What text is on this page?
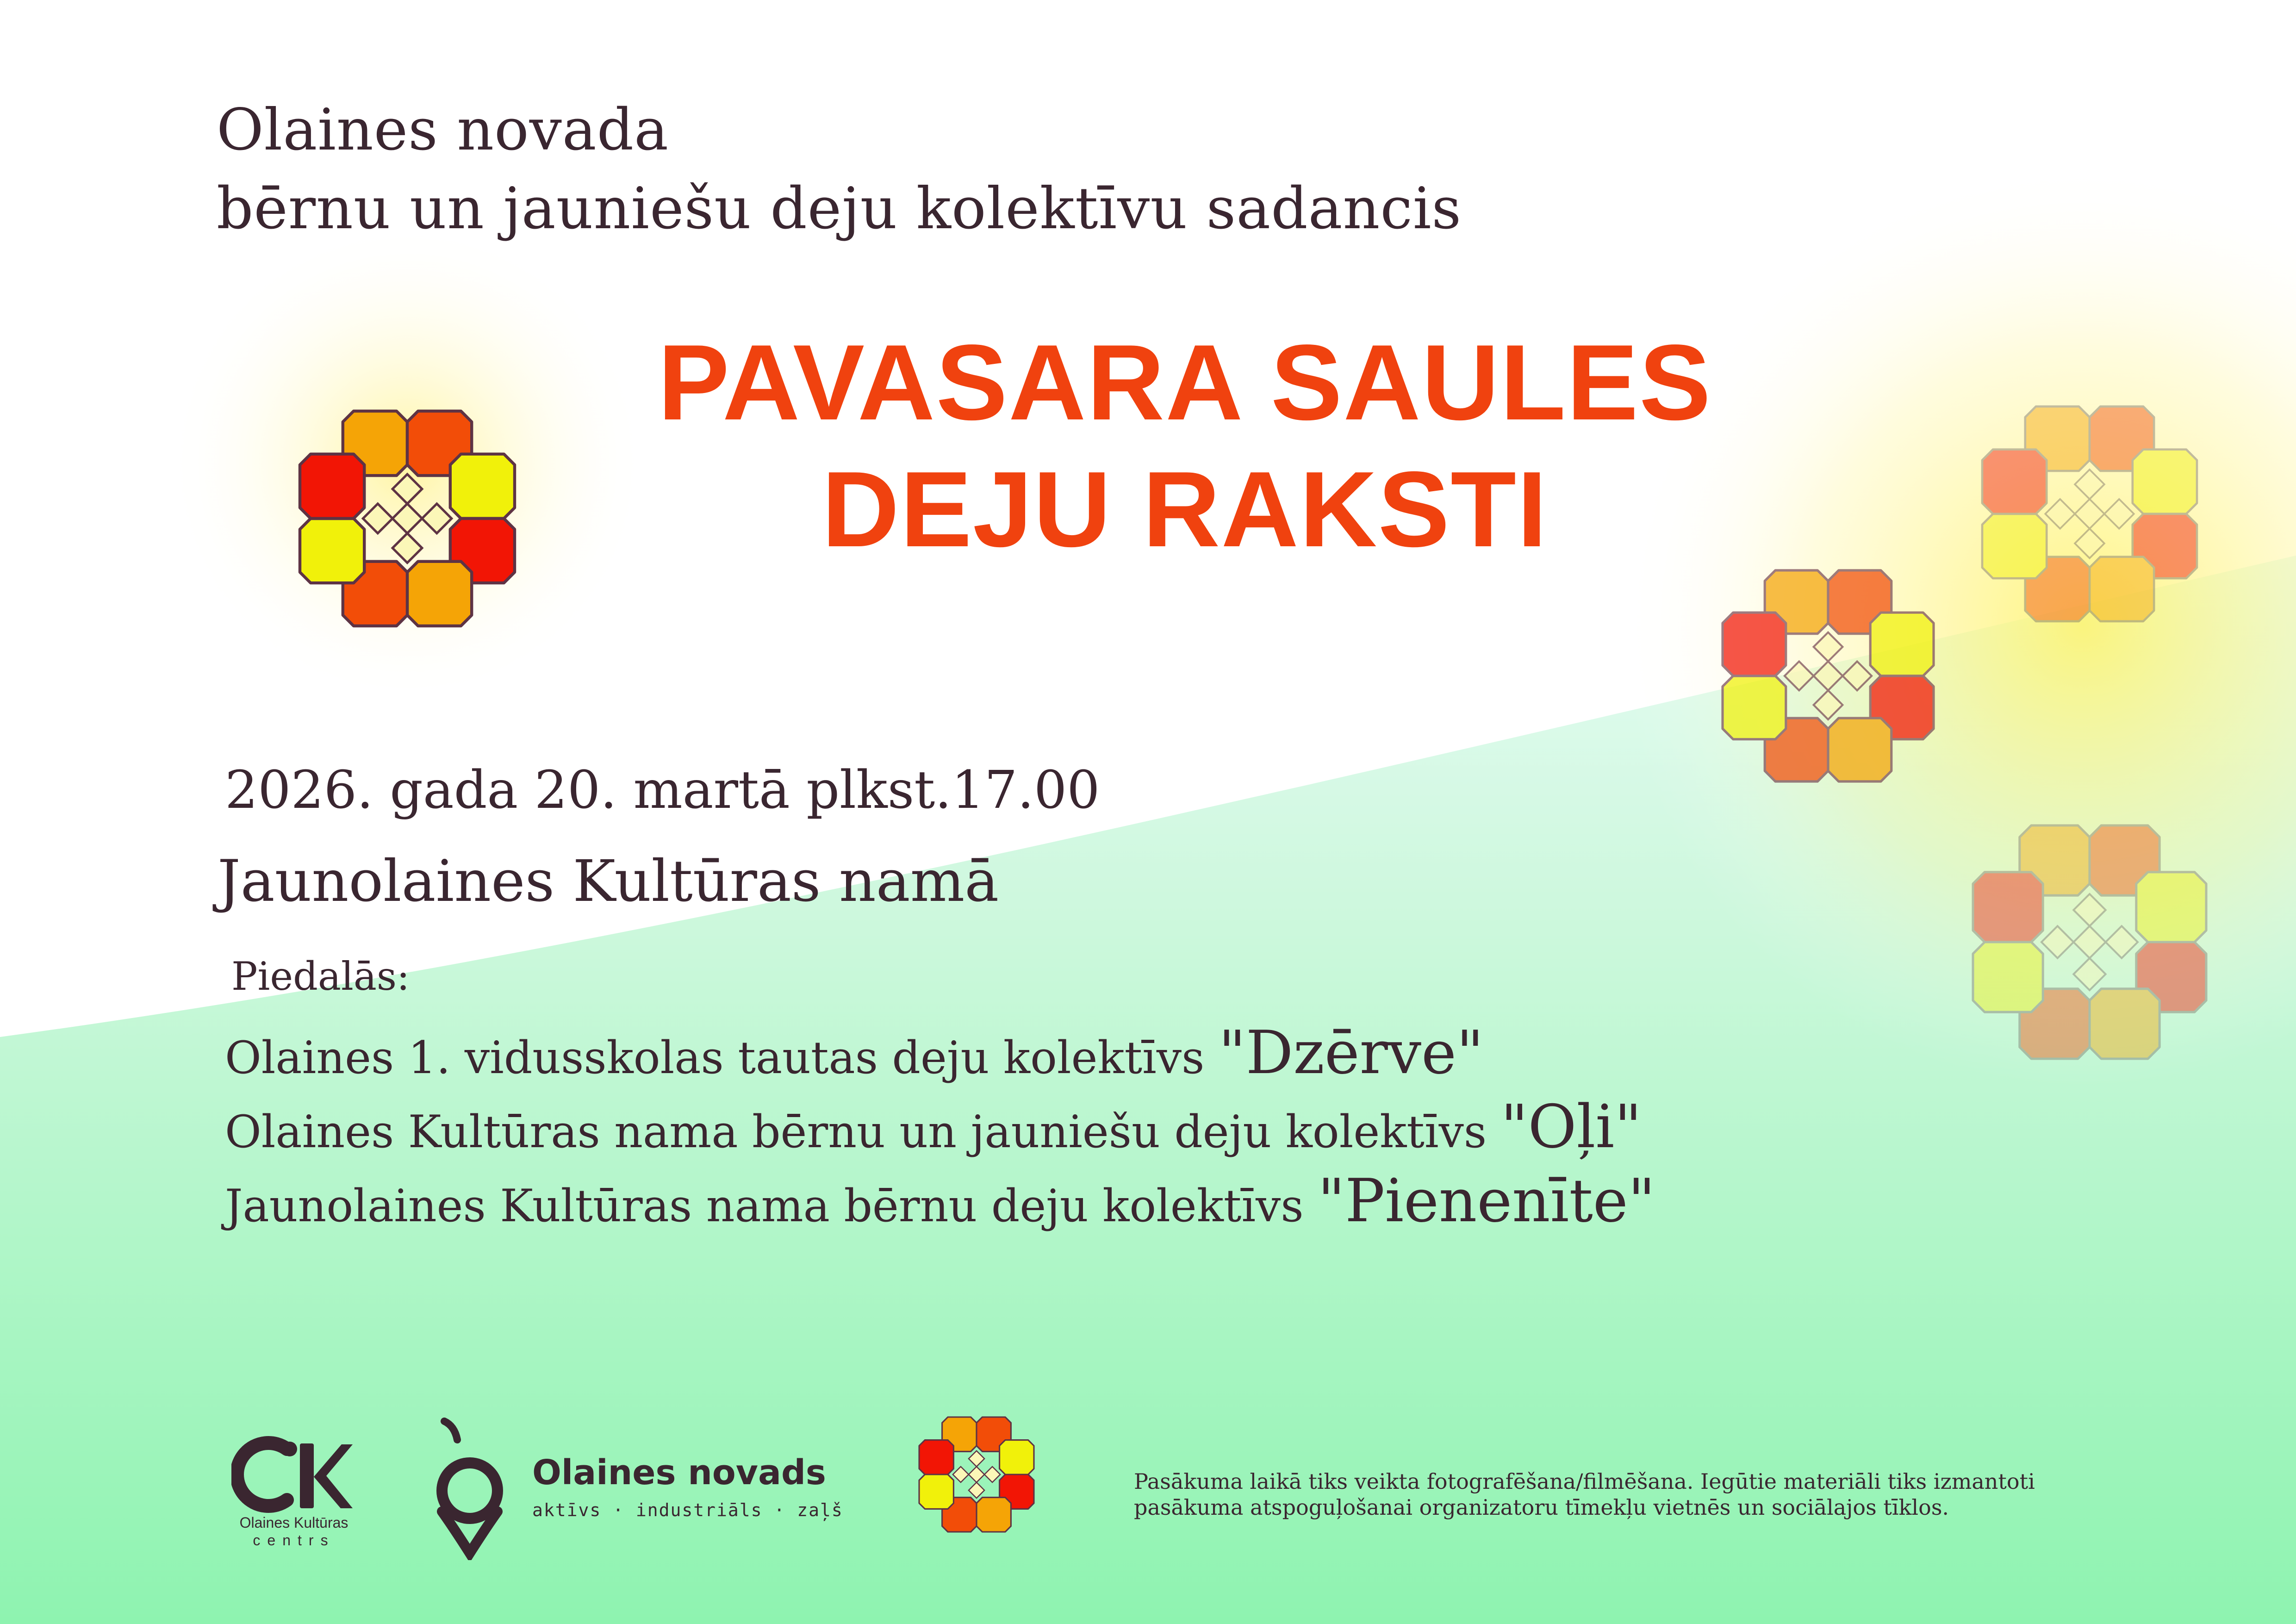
Olaines novada
bērnu un jauniešu deju kolektīvu sadancis
PAVASARA SAULES
DEJU RAKSTI
2026. gada 20. martā plkst.17.00
Jaunolaines Kultūras namā
Piedalās:
Olaines 1. vidusskolas tautas deju kolektīvs "Dzērve"
Olaines Kultūras nama bērnu un jauniešu deju kolektīvs "Oļi"
Jaunolaines Kultūras nama bērnu deju kolektīvs "Pienenīte"
Olaines Kultūras
centrs
Olaines novads
aktīvs · industriāls · zaļš
Pasākuma laikā tiks veikta fotografēšana/filmēšana. Iegūtie materiāli tiks izmantoti
pasākuma atspoguļošanai organizatoru tīmekļu vietnēs un sociālajos tīklos.
